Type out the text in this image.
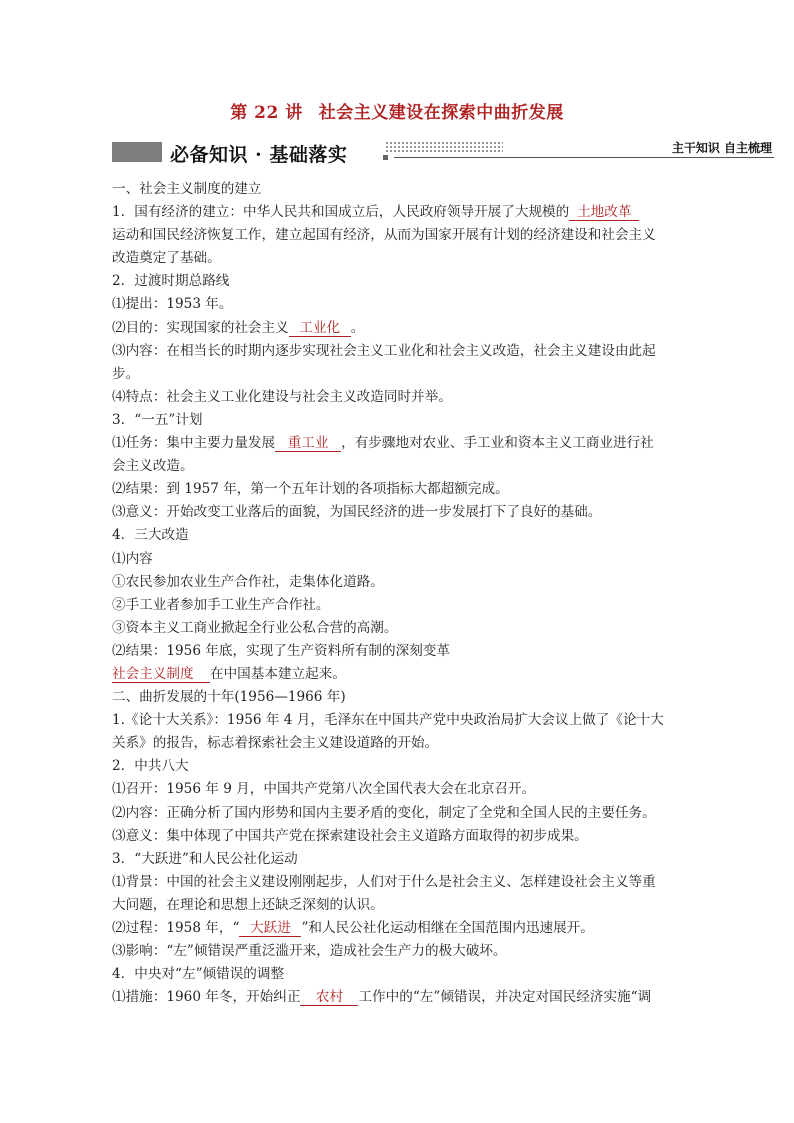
第 22 讲 社会主义建设在探索中曲折发展
必备知识 · 基础落实	主干知识 自主梳理
一、社会主义制度的建立
1．国有经济的建立：中华人民共和国成立后，人民政府领导开展了大规模的 土地改革
运动和国民经济恢复工作，建立起国有经济，从而为国家开展有计划的经济建设和社会主义
改造奠定了基础。
2．过渡时期总路线
⑴提出：1953 年。
⑵目的：实现国家的社会主义 工业化 。
⑶内容：在相当长的时期内逐步实现社会主义工业化和社会主义改造，社会主义建设由此起
步。
⑷特点：社会主义工业化建设与社会主义改造同时并举。
3．“一五”计划
⑴任务：集中主要力量发展 重工业 ，有步骤地对农业、手工业和资本主义工商业进行社
会主义改造。
⑵结果：到 1957 年，第一个五年计划的各项指标大都超额完成。
⑶意义：开始改变工业落后的面貌，为国民经济的进一步发展打下了良好的基础。
4．三大改造
⑴内容
①农民参加农业生产合作社，走集体化道路。
②手工业者参加手工业生产合作社。
③资本主义工商业掀起全行业公私合营的高潮。
⑵结果：1956 年底，实现了生产资料所有制的深刻变革
社会主义制度 在中国基本建立起来。
二、曲折发展的十年(1956—1966 年)
1.《论十大关系》：1956 年 4 月，毛泽东在中国共产党中央政治局扩大会议上做了《论十大
关系》的报告，标志着探索社会主义建设道路的开始。
2．中共八大
⑴召开：1956 年 9 月，中国共产党第八次全国代表大会在北京召开。
⑵内容：正确分析了国内形势和国内主要矛盾的变化，制定了全党和全国人民的主要任务。
⑶意义：集中体现了中国共产党在探索建设社会主义道路方面取得的初步成果。
3．“大跃进”和人民公社化运动
⑴背景：中国的社会主义建设刚刚起步，人们对于什么是社会主义、怎样建设社会主义等重
大问题，在理论和思想上还缺乏深刻的认识。
⑵过程：1958 年，“ 大跃进 ”和人民公社化运动相继在全国范围内迅速展开。
⑶影响：“左”倾错误严重泛滥开来，造成社会生产力的极大破坏。
4．中央对“左”倾错误的调整
⑴措施：1960 年冬，开始纠正 农村 工作中的“左”倾错误，并决定对国民经济实施“调
